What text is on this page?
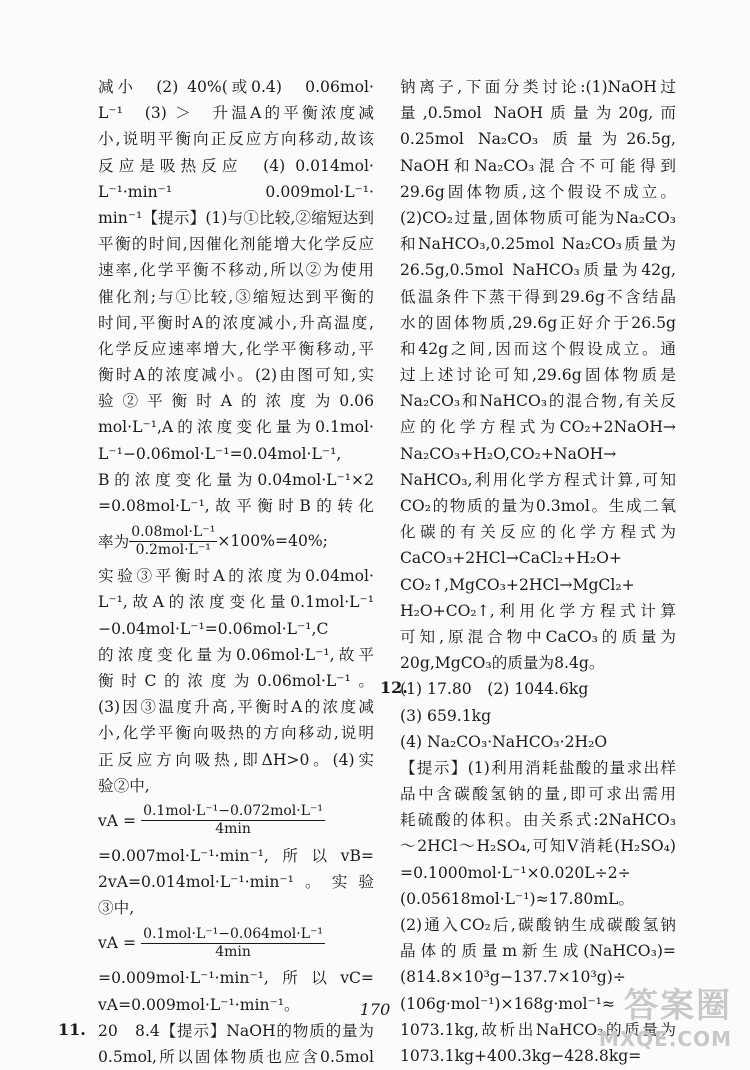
减小　(2) 40%(或0.4)　0.06mol·
L⁻¹　(3) ＞　升温A的平衡浓度减
小,说明平衡向正反应方向移动,故该
反应是吸热反应　(4) 0.014mol·
L⁻¹·min⁻¹　0.009mol·L⁻¹·
min⁻¹【提示】(1)与①比较,②缩短达到
平衡的时间,因催化剂能增大化学反应
速率,化学平衡不移动,所以②为使用
催化剂;与①比较,③缩短达到平衡的
时间,平衡时A的浓度减小,升高温度,
化学反应速率增大,化学平衡移动,平
衡时A的浓度减小。(2)由图可知,实
验②平衡时A的浓度为0.06
mol·L⁻¹,A的浓度变化量为0.1mol·
L⁻¹−0.06mol·L⁻¹=0.04mol·L⁻¹,
B的浓度变化量为0.04mol·L⁻¹×2
=0.08mol·L⁻¹,故平衡时B的转化
率为 $\frac{\text{0.08mol·L⁻¹}}{\text{0.2mol·L⁻¹}} \times 100\%=40\%$;
实验③平衡时A的浓度为0.04mol·
L⁻¹,故A的浓度变化量0.1mol·L⁻¹
−0.04mol·L⁻¹=0.06mol·L⁻¹,C
的浓度变化量为0.06mol·L⁻¹,故平
衡时C的浓度为0.06mol·L⁻¹。
(3)因③温度升高,平衡时A的浓度减
小,化学平衡向吸热的方向移动,说明
正反应方向吸热,即ΔH>0。(4)实
验②中,
vA =
$\frac{\text{0.1mol·L⁻¹−0.072mol·L⁻¹}}{4\min}$
=0.007mol·L⁻¹·min⁻¹,所以vB=
2vA=0.014mol·L⁻¹·min⁻¹。实验
③中,
vA =
$\frac{\text{0.1mol·L⁻¹−0.064mol·L⁻¹}}{4\min}$
=0.009mol·L⁻¹·min⁻¹,所以vC=
vA=0.009mol·L⁻¹·min⁻¹。
11. 20　8.4【提示】NaOH的物质的量为
0.5mol,所以固体物质也应含0.5mol
钠离子,下面分类讨论:(1)NaOH过
量,0.5mol NaOH质量为20g,而
0.25mol Na₂CO₃ 质量为26.5g,
NaOH和Na₂CO₃混合不可能得到
29.6g固体物质,这个假设不成立。
(2)CO₂过量,固体物质可能为Na₂CO₃
和NaHCO₃,0.25mol Na₂CO₃质量为
26.5g,0.5mol NaHCO₃质量为42g,
低温条件下蒸干得到29.6g不含结晶
水的固体物质,29.6g正好介于26.5g
和42g之间,因而这个假设成立。通
过上述讨论可知,29.6g固体物质是
Na₂CO₃和NaHCO₃的混合物,有关反
应的化学方程式为CO₂+2NaOH→
Na₂CO₃+H₂O,CO₂+NaOH→
NaHCO₃,利用化学方程式计算,可知
CO₂的物质的量为0.3mol。生成二氧
化碳的有关反应的化学方程式为
CaCO₃+2HCl→CaCl₂+H₂O+
CO₂↑,MgCO₃+2HCl→MgCl₂+
H₂O+CO₂↑,利用化学方程式计算
可知,原混合物中CaCO₃的质量为
20g,MgCO₃的质量为8.4g。
12.
(1) 17.80　(2) 1044.6kg
(3) 659.1kg
(4) Na₂CO₃·NaHCO₃·2H₂O
【提示】(1)利用消耗盐酸的量求出样
品中含碳酸氢钠的量,即可求出需用
耗硫酸的体积。由关系式:2NaHCO₃
～2HCl～H₂SO₄,可知V消耗(H₂SO₄)
=0.1000mol·L⁻¹×0.020L÷2÷
(0.05618mol·L⁻¹)≈17.80mL。
(2)通入CO₂后,碳酸钠生成碳酸氢钠
晶体的质量m新生成(NaHCO₃)=
(814.8×10³g−137.7×10³g)÷
(106g·mol⁻¹)×168g·mol⁻¹≈
1073.1kg,故析出NaHCO₃的质量为
1073.1kg+400.3kg−428.8kg=
170	答案圈
MXQE.COM
